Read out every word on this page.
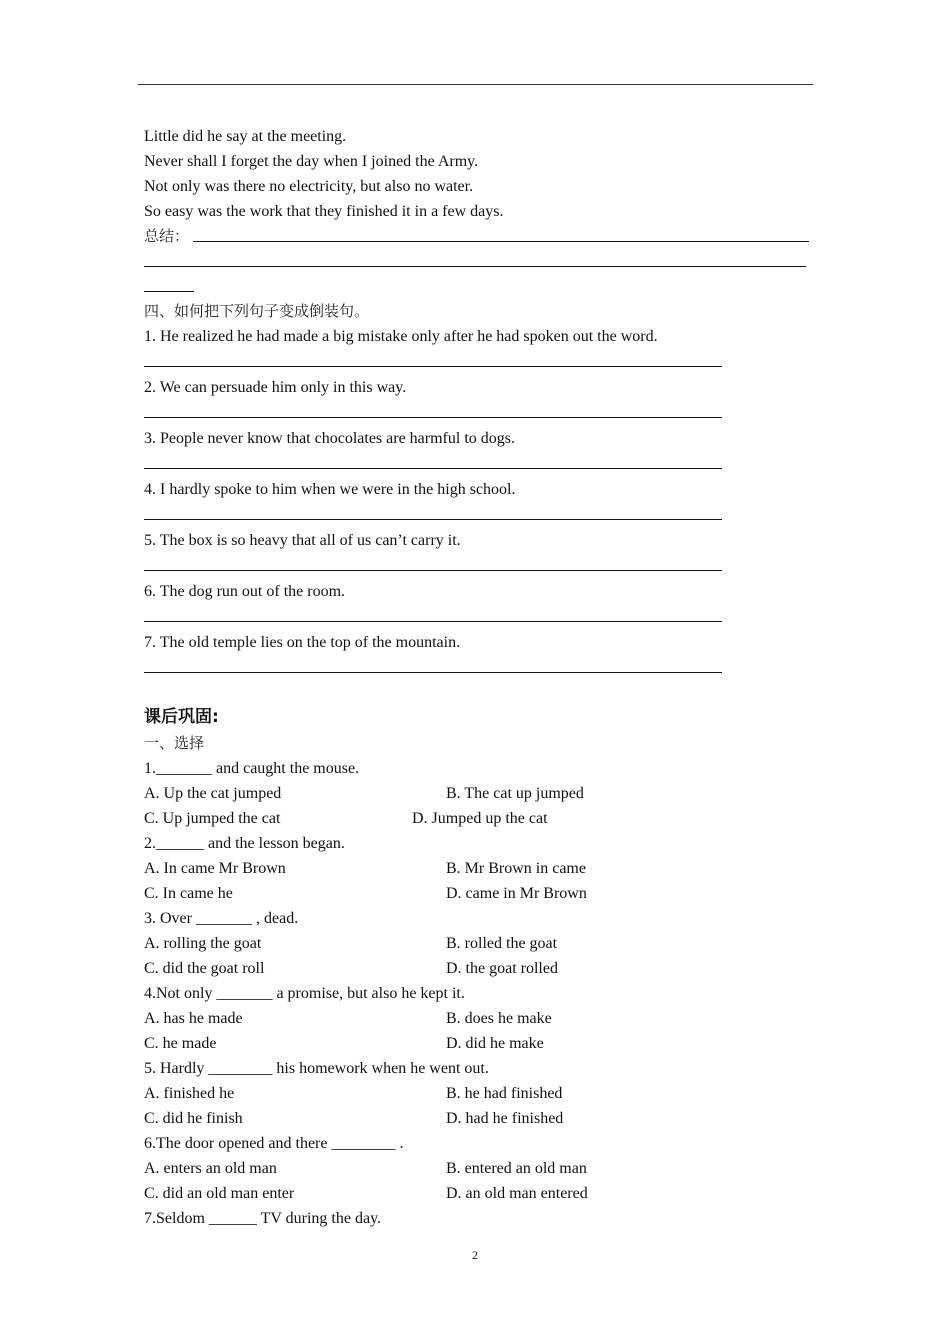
Little did he say at the meeting.
Never shall I forget the day when I joined the Army.
Not only was there no electricity, but also no water.
So easy was the work that they finished it in a few days.
总结：
四、如何把下列句子变成倒装句。
1. He realized he had made a big mistake only after he had spoken out the word.
2. We can persuade him only in this way.
3. People never know that chocolates are harmful to dogs.
4. I hardly spoke to him when we were in the high school.
5. The box is so heavy that all of us can’t carry it.
6. The dog run out of the room.
7. The old temple lies on the top of the mountain.
课后巩固:
一、选择
1._______ and caught the mouse.
A. Up the cat jumped	B. The cat up jumped
C. Up jumped the cat	D. Jumped up the cat
2.______ and the lesson began.
A. In came Mr Brown	B. Mr Brown in came
C. In came he	D. came in Mr Brown
3. Over _______ , dead.
A. rolling the goat	B. rolled the goat
C. did the goat roll	D. the goat rolled
4.Not only _______ a promise, but also he kept it.
A. has he made	B. does he make
C. he made	D. did he make
5. Hardly ________ his homework when he went out.
A. finished he	B. he had finished
C. did he finish	D. had he finished
6.The door opened and there ________ .
A. enters an old man	B. entered an old man
C. did an old man enter	D. an old man entered
7.Seldom ______ TV during the day.
2
